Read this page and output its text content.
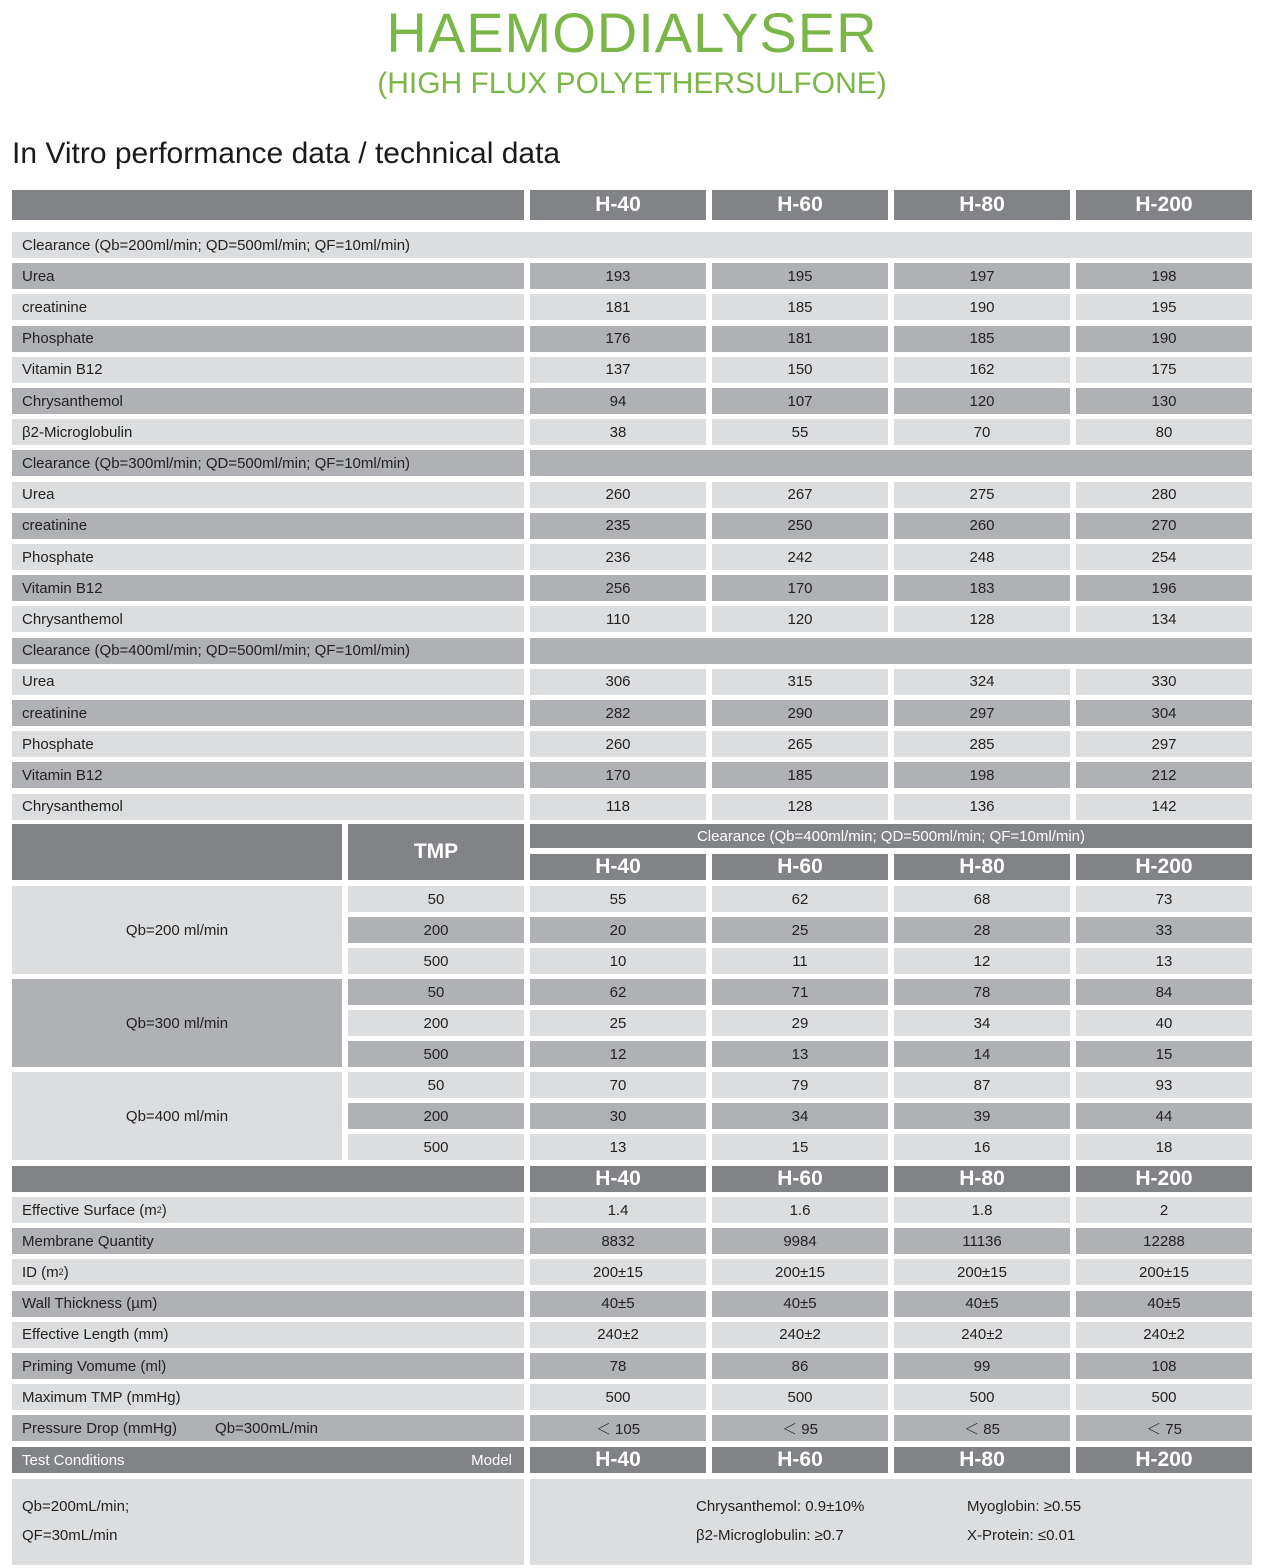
HAEMODIALYSER
(HIGH FLUX POLYETHERSULFONE)
In Vitro performance data / technical data
H-40	H-60	H-80	H-200
Clearance (Qb=200ml/min; QD=500ml/min; QF=10ml/min)
Urea	193	195	197	198
creatinine	181	185	190	195
Phosphate	176	181	185	190
Vitamin B12	137	150	162	175
Chrysanthemol	94	107	120	130
β2-Microglobulin	38	55	70	80
Clearance (Qb=300ml/min; QD=500ml/min; QF=10ml/min)
Urea	260	267	275	280
creatinine	235	250	260	270
Phosphate	236	242	248	254
Vitamin B12	256	170	183	196
Chrysanthemol	110	120	128	134
Clearance (Qb=400ml/min; QD=500ml/min; QF=10ml/min)
Urea	306	315	324	330
creatinine	282	290	297	304
Phosphate	260	265	285	297
Vitamin B12	170	185	198	212
Chrysanthemol	118	128	136	142
TMP
Clearance (Qb=400ml/min; QD=500ml/min; QF=10ml/min)
H-40	H-60	H-80	H-200
Qb=200 ml/min
50	55	62	68	73
200	20	25	28	33
500	10	11	12	13
Qb=300 ml/min
50	62	71	78	84
200	25	29	34	40
500	12	13	14	15
Qb=400 ml/min
50	70	79	87	93
200	30	34	39	44
500	13	15	16	18
H-40	H-60	H-80	H-200
Effective Surface (m 2 )	1.4	1.6	1.8	2
Membrane Quantity	8832	9984	11136	12288
ID (m 2 )	200±15	200±15	200±15	200±15
Wall Thickness (µm)	40±5	40±5	40±5	40±5
Effective Length (mm)	240±2	240±2	240±2	240±2
Priming Vomume (ml)	78	86	99	108
Maximum TMP (mmHg)	500	500	500	500
Pressure Drop (mmHg)	Qb=300mL/min	＜ 105	＜ 95	＜ 85	＜ 75
Test Conditions	Model	H-40	H-60	H-80	H-200
Qb=200mL/min;
QF=30mL/min
Chrysanthemol: 0.9±10%
β2-Microglobulin: ≥0.7
Myoglobin: ≥0.55
X-Protein: ≤0.01
